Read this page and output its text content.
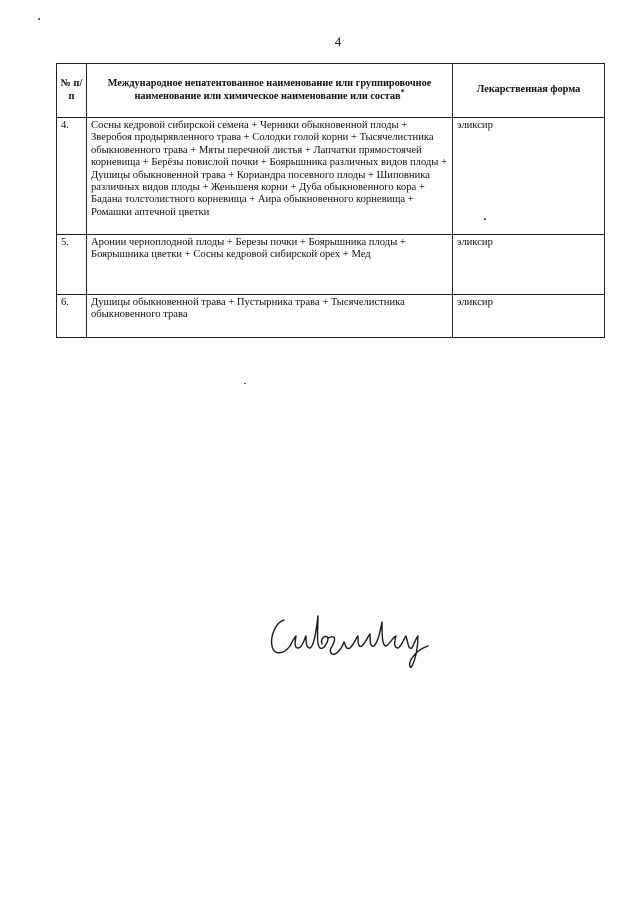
4
№ п/п	Международное непатентованное наименование или группировочное наименование или химическое наименование или состав*	Лекарственная форма
4.	Сосны кедровой сибирской семена + Черники обыкновенной плоды + Зверобоя продырявленного трава + Солодки голой корни + Тысячелистника обыкновенного трава + Мяты перечной листья + Лапчатки прямостоячей корневища + Берёзы повислой почки + Боярышника различных видов плоды + Душицы обыкновенной трава + Кориандра посевного плоды + Шиповника различных видов плоды + Женьшеня корни + Дуба обыкновенного кора + Бадана толстолистного корневища + Аира обыкновенного корневища + Ромашки аптечной цветки	эликсир
5.	Аронии черноплодной плоды + Березы почки + Боярышника плоды + Боярышника цветки + Сосны кедровой сибирской орех + Мед	эликсир
6.	Душицы обыкновенной трава + Пустырника трава + Тысячелистника обыкновенного трава	эликсир
